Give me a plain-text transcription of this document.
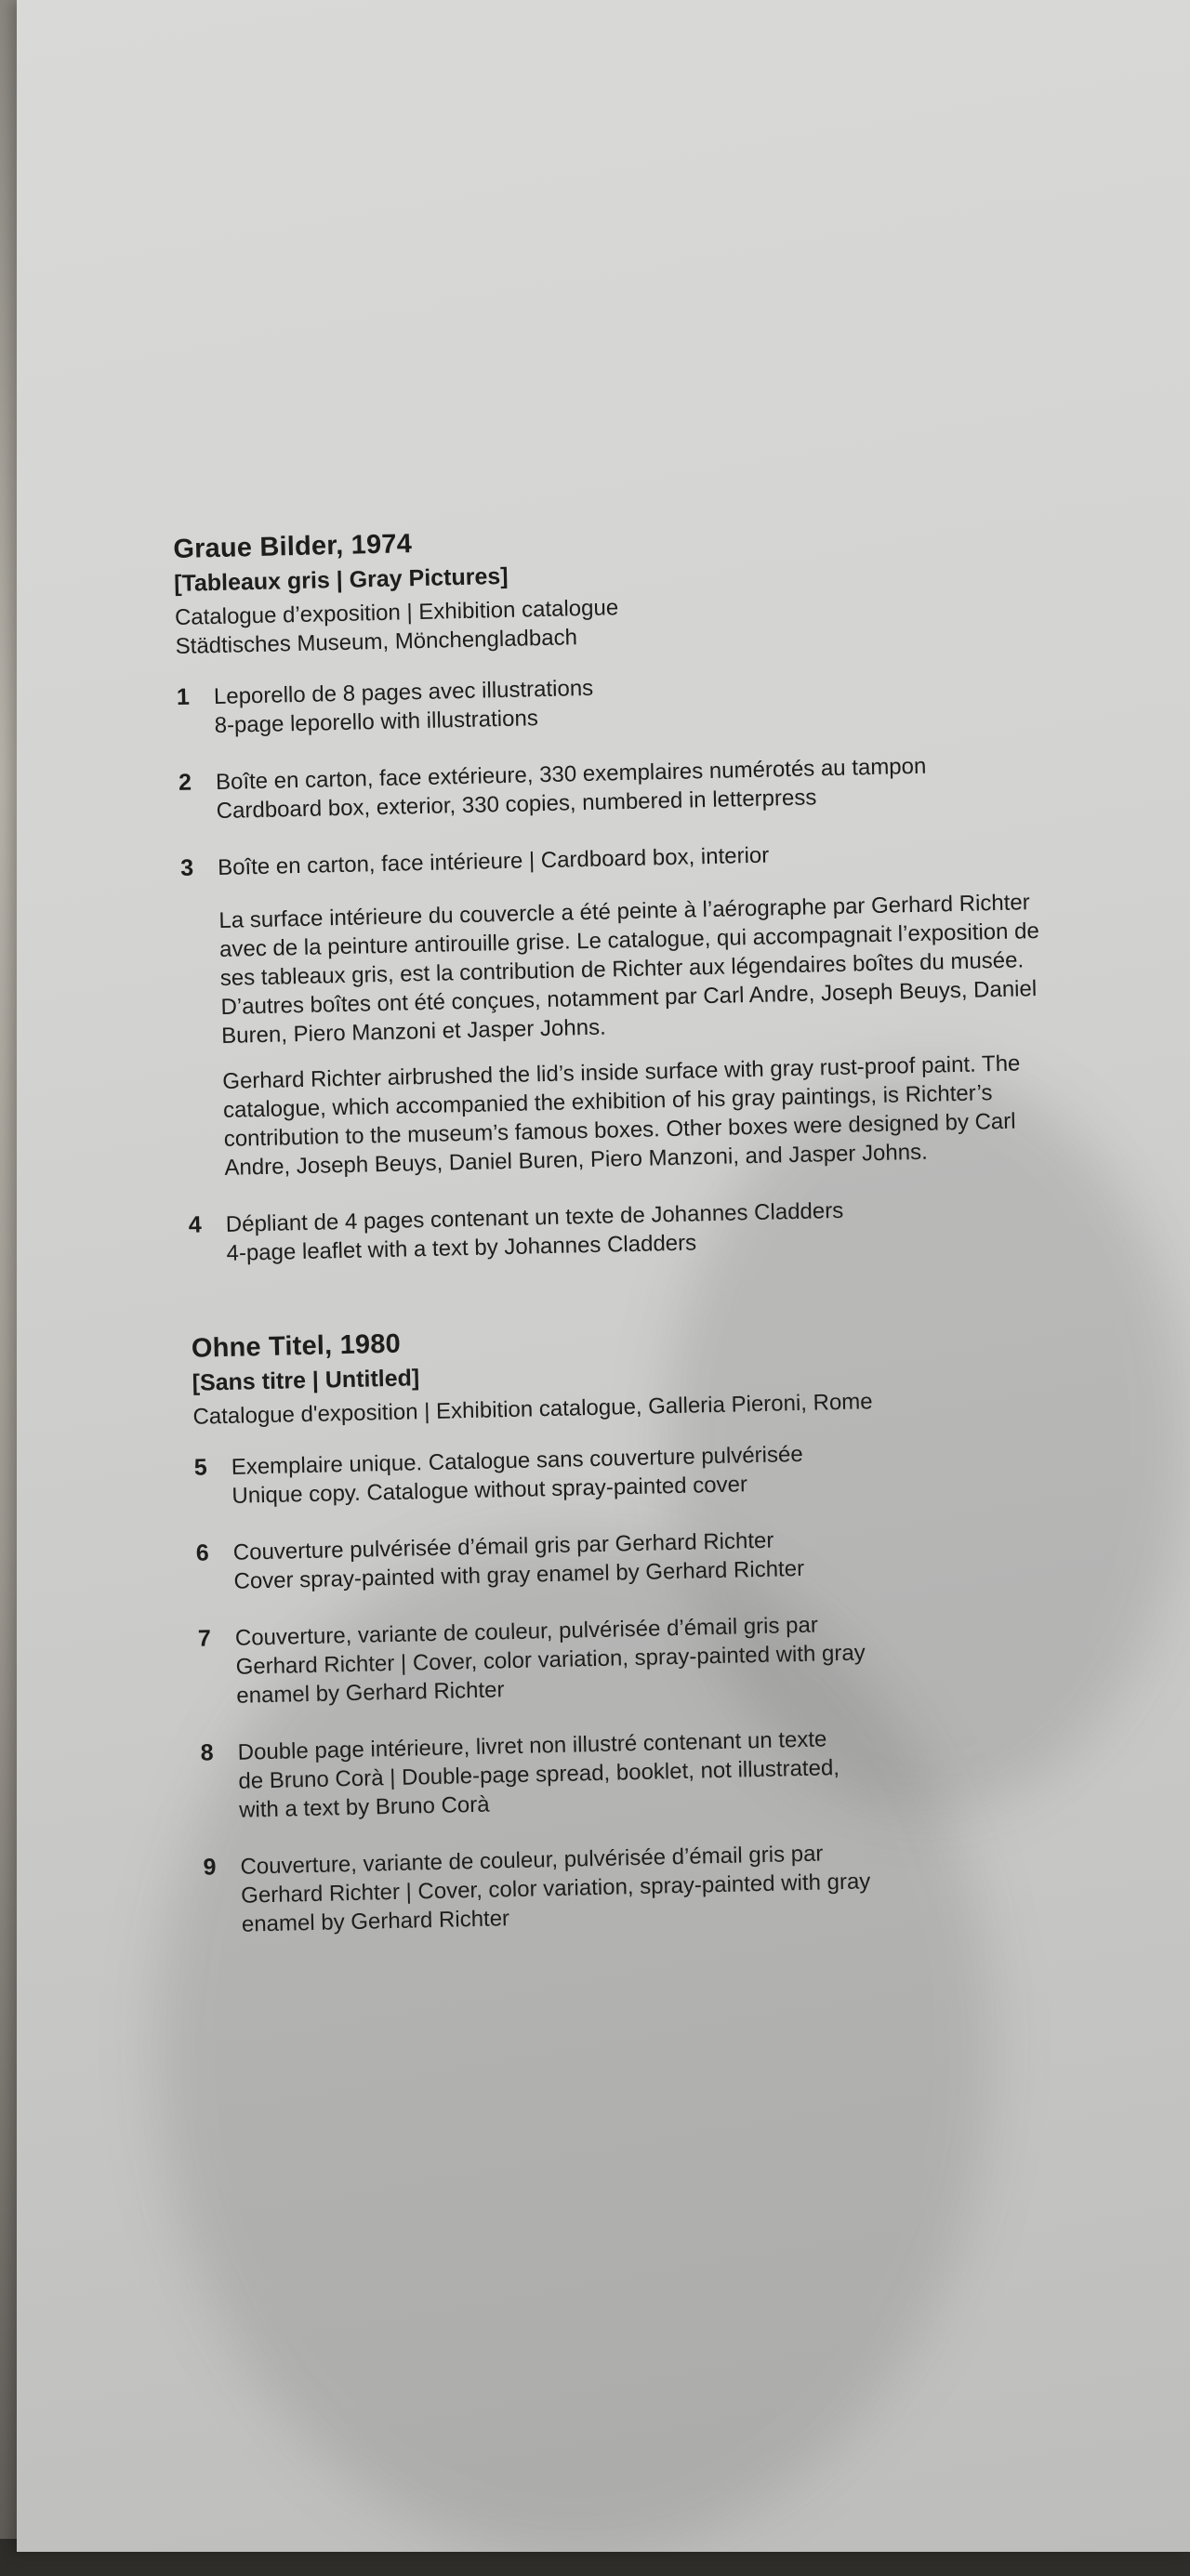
Graue Bilder, 1974
[Tableaux gris | Gray Pictures]
Catalogue d’exposition | Exhibition catalogue
Städtisches Museum, Mönchengladbach
1	Leporello de 8 pages avec illustrations
8-page leporello with illustrations
2	Boîte en carton, face extérieure, 330 exemplaires numérotés au tampon
Cardboard box, exterior, 330 copies, numbered in letterpress
3	Boîte en carton, face intérieure | Cardboard box, interior

La surface intérieure du couvercle a été peinte à l’aérographe par Gerhard Richter avec de la peinture antirouille grise. Le catalogue, qui accompagnait l’exposition de ses tableaux gris, est la contribution de Richter aux légendaires boîtes du musée. D’autres boîtes ont été conçues, notamment par Carl Andre, Joseph Beuys, Daniel Buren, Piero Manzoni et Jasper Johns.

Gerhard Richter airbrushed the lid’s inside surface with gray rust-proof paint. The catalogue, which accompanied the exhibition of his gray paintings, is Richter’s contribution to the museum’s famous boxes. Other boxes were designed by Carl Andre, Joseph Beuys, Daniel Buren, Piero Manzoni, and Jasper Johns.

4	Dépliant de 4 pages contenant un texte de Johannes Cladders
4-page leaflet with a text by Johannes Cladders
Ohne Titel, 1980
[Sans titre | Untitled]
Catalogue d'exposition | Exhibition catalogue, Galleria Pieroni, Rome
5	Exemplaire unique. Catalogue sans couverture pulvérisée
Unique copy. Catalogue without spray-painted cover
6	Couverture pulvérisée d’émail gris par Gerhard Richter
Cover spray-painted with gray enamel by Gerhard Richter
7	Couverture, variante de couleur, pulvérisée d’émail gris par
Gerhard Richter | Cover, color variation, spray-painted with gray
enamel by Gerhard Richter
8	Double page intérieure, livret non illustré contenant un texte
de Bruno Corà | Double-page spread, booklet, not illustrated,
with a text by Bruno Corà
9	Couverture, variante de couleur, pulvérisée d’émail gris par
Gerhard Richter | Cover, color variation, spray-painted with gray
enamel by Gerhard Richter
